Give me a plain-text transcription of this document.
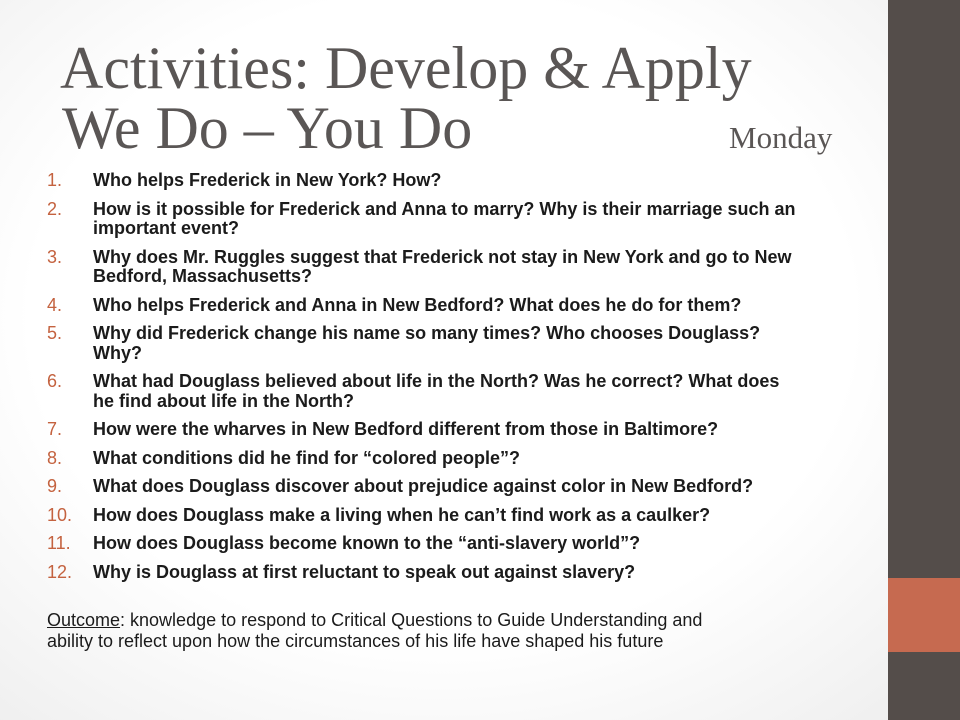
Activities: Develop & Apply
We Do – You Do	Monday
1.	Who helps Frederick in New York? How?
2.	How is it possible for Frederick and Anna to marry? Why is their marriage such an
important event?
3.	Why does Mr. Ruggles suggest that Frederick not stay in New York and go to New
Bedford, Massachusetts?
4.	Who helps Frederick and Anna in New Bedford? What does he do for them?
5.	Why did Frederick change his name so many times? Who chooses Douglass?
Why?
6.	What had Douglass believed about life in the North? Was he correct? What does
he find about life in the North?
7.	How were the wharves in New Bedford different from those in Baltimore?
8.	What conditions did he find for “colored people”?
9.	What does Douglass discover about prejudice against color in New Bedford?
10.	How does Douglass make a living when he can’t find work as a caulker?
11.	How does Douglass become known to the “anti-slavery world”?
12.	Why is Douglass at first reluctant to speak out against slavery?
Outcome: knowledge to respond to Critical Questions to Guide Understanding and
ability to reflect upon how the circumstances of his life have shaped his future
